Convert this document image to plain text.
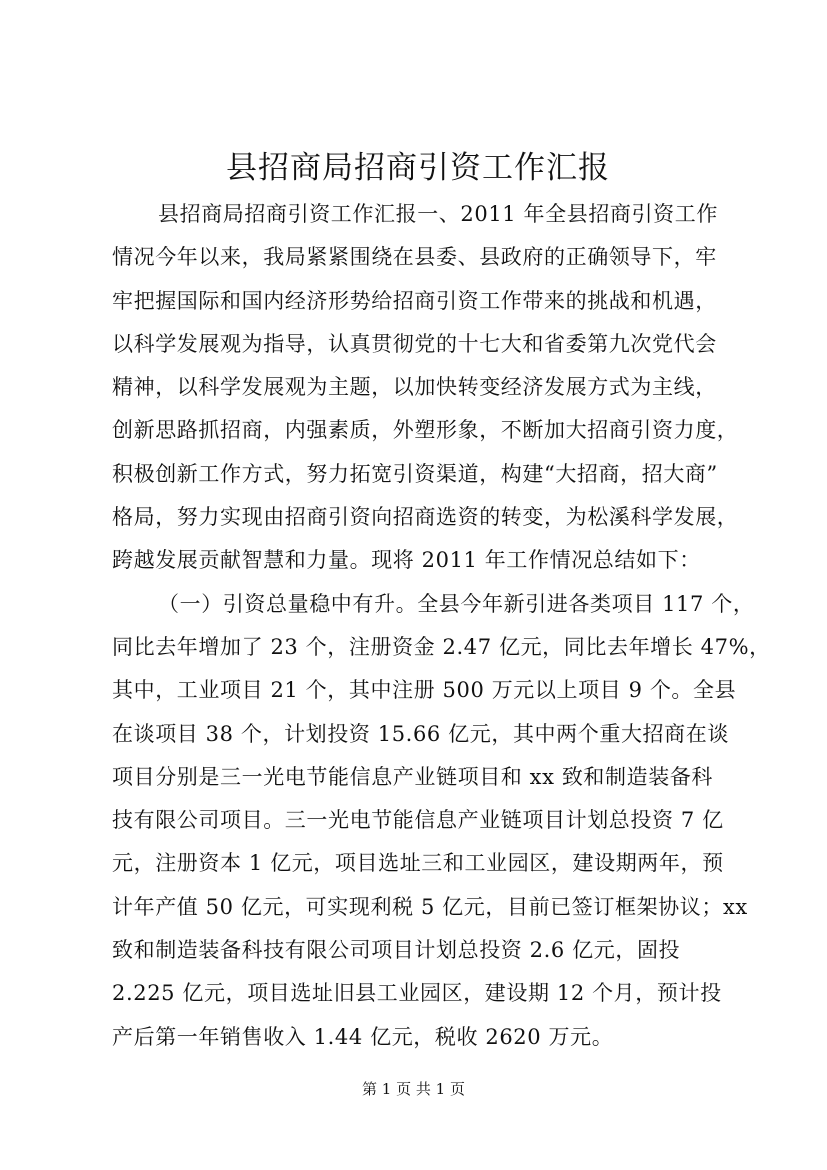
县招商局招商引资工作汇报
县招商局招商引资工作汇报一、2011 年全县招商引资工作
情况今年以来，我局紧紧围绕在县委、县政府的正确领导下，牢
牢把握国际和国内经济形势给招商引资工作带来的挑战和机遇，
以科学发展观为指导，认真贯彻党的十七大和省委第九次党代会
精神，以科学发展观为主题，以加快转变经济发展方式为主线，
创新思路抓招商，内强素质，外塑形象，不断加大招商引资力度，
积极创新工作方式，努力拓宽引资渠道，构建“大招商，招大商”
格局，努力实现由招商引资向招商选资的转变，为松溪科学发展，
跨越发展贡献智慧和力量。现将 2011 年工作情况总结如下：
（一）引资总量稳中有升。全县今年新引进各类项目 117 个，
同比去年增加了 23 个，注册资金 2.47 亿元，同比去年增长 47%，
其中，工业项目 21 个，其中注册 500 万元以上项目 9 个。全县
在谈项目 38 个，计划投资 15.66 亿元，其中两个重大招商在谈
项目分别是三一光电节能信息产业链项目和 xx 致和制造装备科
技有限公司项目。三一光电节能信息产业链项目计划总投资 7 亿
元，注册资本 1 亿元，项目选址三和工业园区，建设期两年，预
计年产值 50 亿元，可实现利税 5 亿元，目前已签订框架协议；xx
致和制造装备科技有限公司项目计划总投资 2.6 亿元，固投
2.225 亿元，项目选址旧县工业园区，建设期 12 个月，预计投
产后第一年销售收入 1.44 亿元，税收 2620 万元。
第 1 页 共 1 页
